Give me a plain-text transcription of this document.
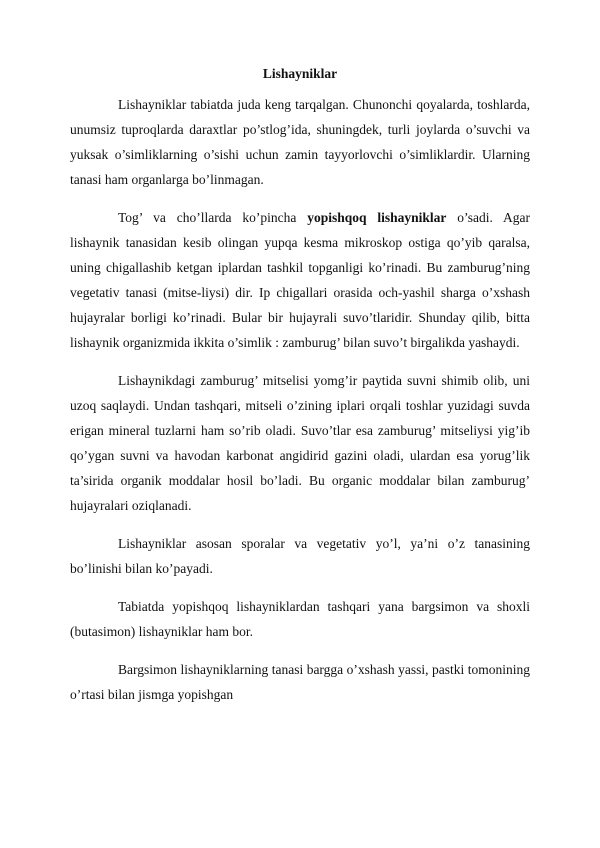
Lishayniklar

Lishayniklar tabiatda juda keng tarqalgan. Chunonchi qoyalarda, toshlarda, unumsiz tuproqlarda daraxtlar po’stlog’ida, shuningdek, turli joylarda o’suvchi va yuksak o’simliklarning o’sishi uchun zamin tayyorlovchi o’simliklardir. Ularning tanasi ham organlarga bo’linmagan.

Tog’ va cho’llarda ko’pincha yopishqoq lishayniklar o’sadi. Agar lishaynik tanasidan kesib olingan yupqa kesma mikroskop ostiga qo’yib qaralsa, uning chigallashib ketgan iplardan tashkil topganligi ko’rinadi. Bu zamburug’ning vegetativ tanasi (mitse-liysi) dir. Ip chigallari orasida och-yashil sharga o’xshash hujayralar borligi ko’rinadi. Bular bir hujayrali suvo’tlaridir. Shunday qilib, bitta lishaynik organizmida ikkita o’simlik : zamburug’ bilan suvo’t birgalikda yashaydi.

Lishaynikdagi zamburug’ mitselisi yomg’ir paytida suvni shimib olib, uni uzoq saqlaydi. Undan tashqari, mitseli o’zining iplari orqali toshlar yuzidagi suvda erigan mineral tuzlarni ham so’rib oladi. Suvo’tlar esa zamburug’ mitseliysi yig’ib qo’ygan suvni va havodan karbonat angidirid gazini oladi, ulardan esa yorug’lik ta’sirida organik moddalar hosil bo’ladi. Bu organic moddalar bilan zamburug’ hujayralari oziqlanadi.

Lishayniklar asosan sporalar va vegetativ yo’l, ya’ni o’z tanasining bo’linishi bilan ko’payadi.

Tabiatda yopishqoq lishayniklardan tashqari yana bargsimon va shoxli (butasimon) lishayniklar ham bor.

Bargsimon lishayniklarning tanasi bargga o’xshash yassi, pastki tomonining o’rtasi bilan jismga yopishgan
